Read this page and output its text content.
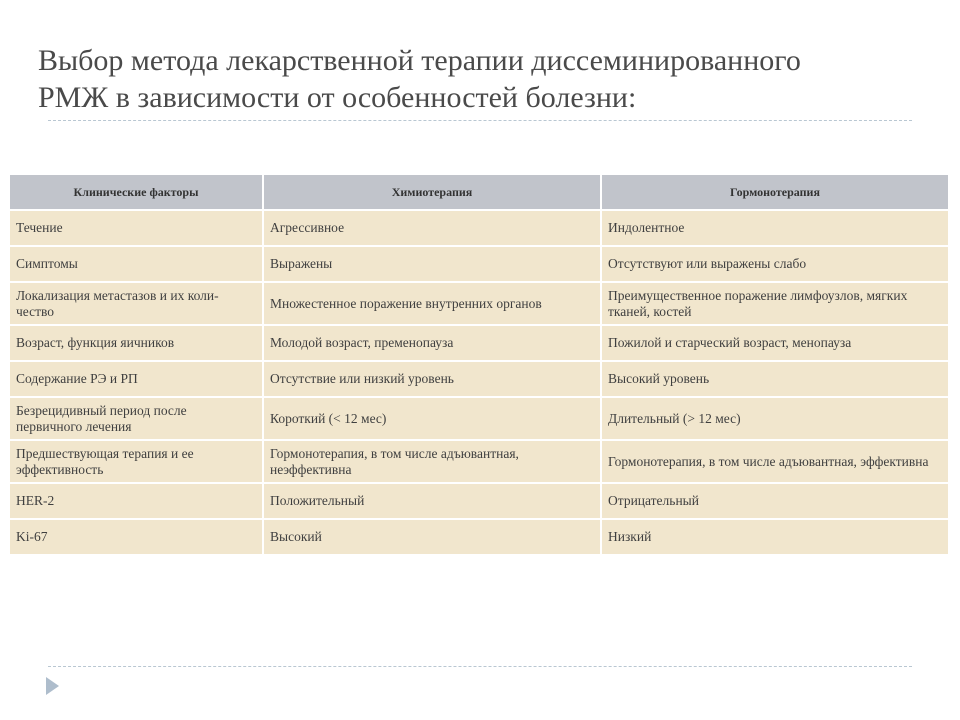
Выбор метода лекарственной терапии диссеминированного
РМЖ в зависимости от особенностей болезни:
Клинические факторы	Химиотерапия	Гормонотерапия
Течение	Агрессивное	Индолентное
Симптомы	Выражены	Отсутствуют или выражены слабо
Локализация метастазов и их коли-чество	Множестенное поражение внутренних органов	Преимущественное поражение лимфоузлов, мягких тканей, костей
Возраст, функция яичников	Молодой возраст, пременопауза	Пожилой и старческий возраст, менопауза
Содержание РЭ и РП	Отсутствие или низкий уровень	Высокий уровень
Безрецидивный период после первичного лечения	Короткий (< 12 мес)	Длительный (> 12 мес)
Предшествующая терапия и ее эффективность	Гормонотерапия, в том числе адъювантная, неэффективна	Гормонотерапия, в том числе адъювантная, эффективна
HER-2	Положительный	Отрицательный
Ki-67	Высокий	Низкий
